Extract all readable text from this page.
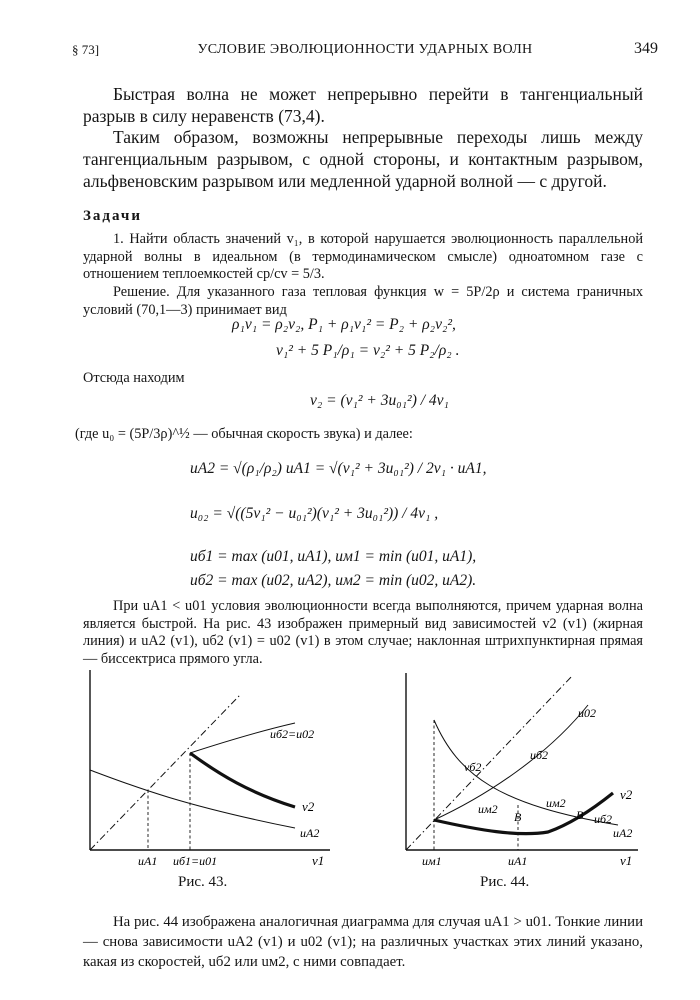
§ 73]	УСЛОВИЕ ЭВОЛЮЦИОННОСТИ УДАРНЫХ ВОЛН	349
Быстрая волна не может непрерывно перейти в тангенциальный разрыв в силу неравенств (73,4).
Таким образом, возможны непрерывные переходы лишь между тангенциальным разрывом, с одной стороны, и контактным разрывом, альфвеновским разрывом или медленной ударной волной — с другой.
Задачи
1. Найти область значений v₁, в которой нарушается эволюционность параллельной ударной волны в идеальном (в термодинамическом смысле) одноатомном газе с отношением теплоемкостей cp/cv = 5/3.
Решение. Для указанного газа тепловая функция w = 5P/2ρ и система граничных условий (70,1—3) принимает вид
ρ₁v₁ = ρ₂v₂, P₁ + ρ₁v₁² = P₂ + ρ₂v₂²,
v₁² + 5 P₁/ρ₁ = v₂² + 5 P₂/ρ₂ .
Отсюда находим
v₂ = (v₁² + 3u₀₁²) / 4v₁
(где u₀ = (5P/3ρ)^½ — обычная скорость звука) и далее:
uA2 = √(ρ₁/ρ₂) uA1 = √(v₁² + 3u₀₁²) / 2v₁ · uA1,
u₀₂ = √((5v₁² − u₀₁²)(v₁² + 3u₀₁²)) / 4v₁ ,
uб1 = max (u01, uA1), uм1 = min (u01, uA1),
uб2 = max (u02, uA2), uм2 = min (u02, uA2).
При uA1 < u01 условия эволюционности всегда выполняются, причем ударная волна является быстрой. На рис. 43 изображен примерный вид зависимостей v2 (v1) (жирная линия) и uA2 (v1), uб2 (v1) = u02 (v1) в этом случае; наклонная штрихпунктирная прямая — биссектриса прямого угла.
uб2=u02
v2
uA2
uA1 uб1=u01	v1
Рис. 43.
u02
uб2
vб2
uм2
v2
uм2
B	B uб2
uA2
uм1	uA1	v1
Рис. 44.
На рис. 44 изображена аналогичная диаграмма для случая uA1 > u01. Тонкие линии — снова зависимости uA2 (v1) и u02 (v1); на различных участках этих линий указано, какая из скоростей, uб2 или uм2, с ними совпадает.
